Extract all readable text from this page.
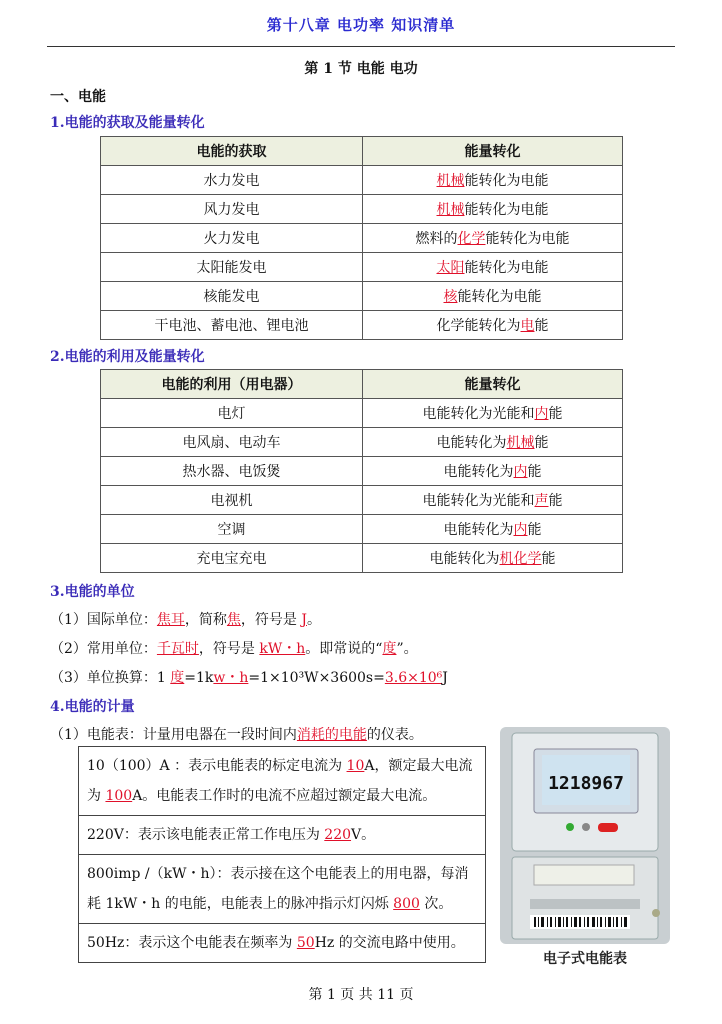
第十八章 电功率 知识清单
第 1 节 电能 电功
一、电能
1.电能的获取及能量转化
电能的获取	能量转化
水力发电	机械能转化为电能
风力发电	机械能转化为电能
火力发电	燃料的化学能转化为电能
太阳能发电	太阳能转化为电能
核能发电	核能转化为电能
干电池、蓄电池、锂电池	化学能转化为电能
2.电能的利用及能量转化
电能的利用（用电器）	能量转化
电灯	电能转化为光能和内能
电风扇、电动车	电能转化为机械能
热水器、电饭煲	电能转化为内能
电视机	电能转化为光能和声能
空调	电能转化为内能
充电宝充电	电能转化为机化学能
3.电能的单位
（1）国际单位：焦耳，简称焦，符号是 J。
（2）常用单位：千瓦时，符号是 kW・h。即常说的“度”。
（3）单位换算：1 度=1kw・h=1×10³W×3600s=3.6×10⁶J
4.电能的计量
（1）电能表：计量用电器在一段时间内消耗的电能的仪表。
10（100）A ：表示电能表的标定电流为 10A，额定最大电流为 100A。电能表工作时的电流不应超过额定最大电流。
220V：表示该电能表正常工作电压为 220V。
800imp /（kW・h）：表示接在这个电能表上的用电器，每消耗 1kW・h 的电能，电能表上的脉冲指示灯闪烁 800 次。
50Hz：表示这个电能表在频率为 50Hz 的交流电路中使用。
1218967
电子式电能表
第 1 页 共 11 页
